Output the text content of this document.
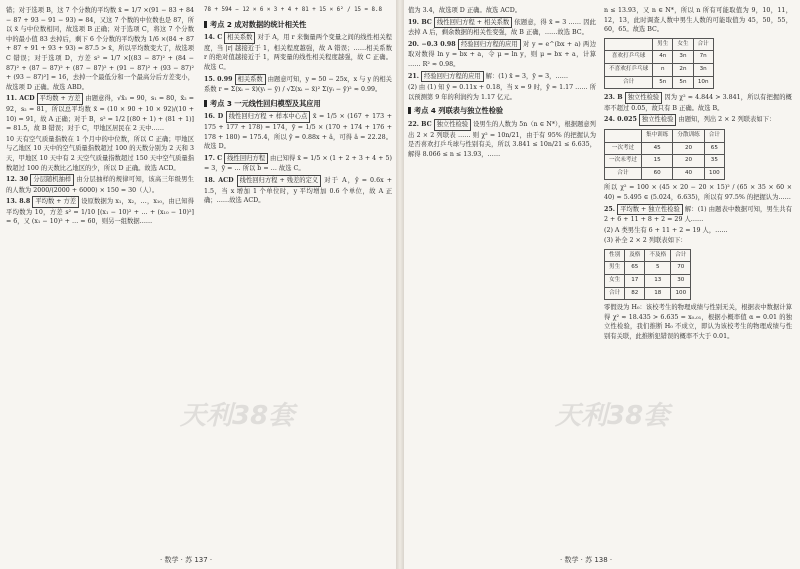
错；对于选项 B，这 7 个分数的平均数 x̄ = 1/7 ×(91 − 83 + 84 − 87 + 93 − 91 − 93) = 84，又这 7 个数的中位数也是 87，所以 x̄ 与中位数相同，故选项 B 正确；对于选项 C，将这 7 个分数中的最小值 83 去掉后，剩下 6 个分数的平均数为 1/6 ×(84 + 87 + 87 + 91 + 93 + 93) = 87.5 > x̄，所以平均数变大了，故选项 C 错误；对于选项 D，方差 s² = 1/7 ×[(83 − 87)² + (84 − 87)² + (87 − 87)² + (87 − 87)² + (91 − 87)² + (93 − 87)² + (93 − 87)²] = 16，去掉一个最低分和一个最高分后方差变小，故选项 D 正确。故选 ABD。
11. ACD 平均数 + 方差 由题意得，√x̄₁ = 90，s₁ = 80，x̄₂ = 92，s₂ = 81，所以总平均数 x̄ = (10 × 90 + 10 × 92)/(10 + 10) = 91，故 A 正确；对于 B，s² = 1/2 [(80 + 1) + (81 + 1)] = 81.5，故 B 错误；对于 C，甲地区居民在 2 天中……
10 天有空气质量指数在 1 个月中的中位数，所以 C 正确；甲地区与乙地区 10 天中的空气质量指数超过 100 的天数分别为 2 天和 3 天，甲地区 10 天中有 2 天空气质量指数超过 150 天中空气质量指数超过 100 的天数比乙地区的少，所以 D 正确。故选 ACD。
12. 30 分层随机抽样 由分层抽样的规律可知，该高三年级男生的人数为 2000/(2000 + 6000) × 150 = 30（人）。
13. 8.8 平均数 + 方差 设原数据为 x₁，x₂，…，x₁₀，由已知得平均数为 10，方差 s² = 1/10 [(x₁ − 10)² + … + (x₁₀ − 10)²] = 6，又 (x₁ − 10)² + … = 60，则另一组数据……
78 + 594 − 12 × 6 × 3 + 4 + 81 + 15 × 6² / 15 = 8.8
考点 2 成对数据的统计相关性
14. C 相关系数 对于 A，用 r 来衡量两个变量之间的线性相关程度，当 |r| 越接近于 1，相关程度越强，故 A 错误；……相关系数 r 的绝对值越接近于 1，两变量的线性相关程度越强，故 C 正确。故选 C。
15. 0.99 相关系数 由题意可知，y = 50 − 25x，x 与 y 的相关系数 r = Σ(xᵢ − x̄)(yᵢ − ȳ) / √Σ(xᵢ − x̄)² Σ(yᵢ − ȳ)² ≈ 0.99。
考点 3 一元线性回归模型及其应用
16. D 线性回归方程 + 样本中心点 x̄ = 1/5 × (167 + 173 + 175 + 177 + 178) = 174，ȳ = 1/5 × (170 + 174 + 176 + 178 + 180) = 175.4，所以 ŷ = 0.88x + â，可得 â = 22.28。故选 D。
17. C 线性回归方程 由已知得 x̄ = 1/5 × (1 + 2 + 3 + 4 + 5) = 3，ȳ = … 所以 b̂ = … 故选 C。
18. ACD 线性回归方程 + 残差的定义 对于 A，ŷ = 0.6x + 1.5，当 x 增加 1 个单位时，y 平均增加 0.6 个单位，故 A 正确；……故选 ACD。
值为 3.4，故选项 D 正确。故选 ACD。
19. BC 线性回归方程 + 相关系数 依题意，得 x̄ = 3 …… 因此去掉 A 后，剩余数据的相关性变强，故 B 正确，……故选 BC。
20. −0.3 0.98 经验回归方程的应用 对 y = e^(bx + a) 两边取对数得 ln y = bx + a，令 μ = ln y，则 μ = bx + a，计算 …… R² ≈ 0.98。
21. 经验回归方程的应用 解：(1) x̄ = 3，ȳ = 3，……
(2) 由 (1) 知 ŷ = 0.11x + 0.18，当 x = 9 时，ŷ ≈ 1.17 …… 所以预测第 9 年的利润约为 1.17 亿元。
考点 4 列联表与独立性检验
22. BC 独立性检验 设男生的人数为 5n（n ∈ N*），根据题意列出 2 × 2 列联表 …… 则 χ² = 10n/21，由于有 95% 的把握认为是否喜欢打乒乓球与性别有关，所以 3.841 ≤ 10n/21 ≤ 6.635，解得 8.066 ≤ n ≤ 13.93，……
n ≤ 13.93，又 n ∈ N*，所以 n 所有可能取值为 9，10，11，12，13，此时调查人数中男生人数的可能取值为 45，50，55，60，65。故选 BC。
	男生	女生	合计
喜欢打乒乓球	4n	3n	7n
不喜欢打乒乓球	n	2n	3n
合计	5n	5n	10n
23. B 独立性检验 因为 χ² ≈ 4.844 > 3.841，所以有把握的概率不超过 0.05，故只有 B 正确。故选 B。
24. 0.025 独立性检验 由题知，列出 2 × 2 列联表如下：
	集中训练	分散训练	合计
一次考过	45	20	65
一次未考过	15	20	35
合计	60	40	100
所以 χ² = 100 × (45 × 20 − 20 × 15)² / (65 × 35 × 60 × 40) ≈ 5.495 ∈ (5.024，6.635)，所以有 97.5% 的把握认为……
25. 平均数 + 独立性检验 解：(1) 由题表中数据可知，男生共有 2 + 6 + 11 + 8 + 2 = 29 人……
(2) A 类男生有 6 + 11 + 2 = 19 人，……
(3) 补全 2 × 2 列联表如下：
性别	及格	不及格	合计
男生	65	5	70
女生	17	13	30
合计	82	18	100
零假设为 H₀：该校考生的物理成绩与性别无关，根据表中数据计算得 χ² ≈ 18.435 > 6.635 = x₀.₀₁，根据小概率值 α = 0.01 的独立性检验，我们推断 H₀ 不成立，即认为该校考生的物理成绩与性别有关联，此推断犯错误的概率不大于 0.01。
天利38套	天利38套
· 数学 · 苏 137 ·	· 数学 · 苏 138 ·
